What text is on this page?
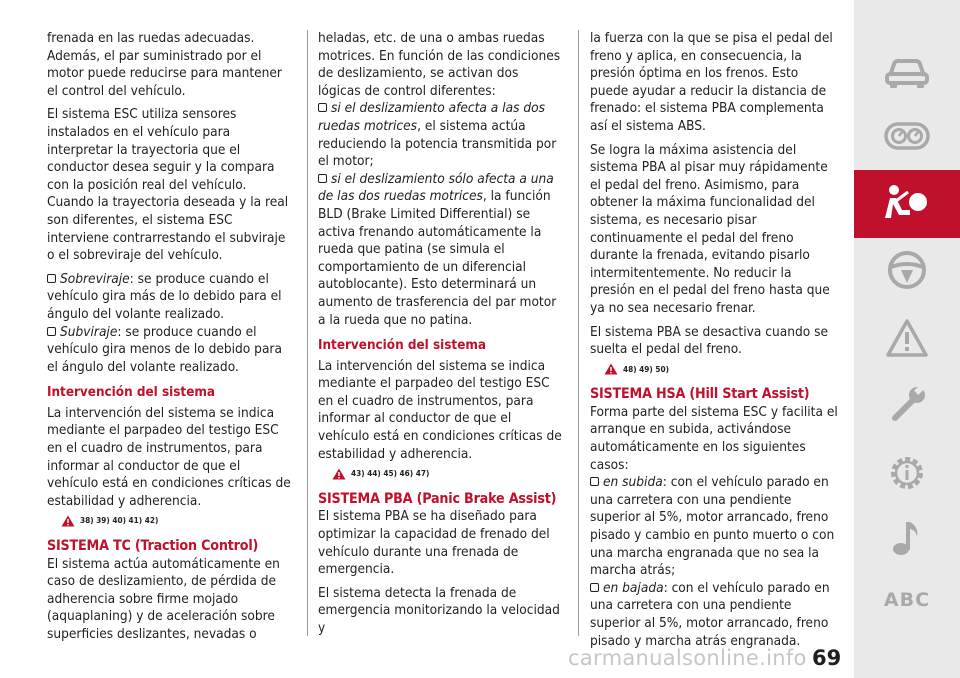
frenada en las ruedas adecuadas. Además, el par suministrado por el motor puede reducirse para mantener el control del vehículo.

El sistema ESC utiliza sensores instalados en el vehículo para interpretar la trayectoria que el conductor desea seguir y la compara con la posición real del vehículo. Cuando la trayectoria deseada y la real son diferentes, el sistema ESC interviene contrarrestando el subviraje o el sobreviraje del vehículo.

Sobreviraje: se produce cuando el vehículo gira más de lo debido para el ángulo del volante realizado.
Subviraje: se produce cuando el vehículo gira menos de lo debido para el ángulo del volante realizado.
Intervención del sistema

La intervención del sistema se indica mediante el parpadeo del testigo ESC en el cuadro de instrumentos, para informar al conductor de que el vehículo está en condiciones críticas de estabilidad y adherencia.

38) 39) 40) 41) 42)
SISTEMA TC (Traction Control)

El sistema actúa automáticamente en caso de deslizamiento, de pérdida de adherencia sobre firme mojado (aquaplaning) y de aceleración sobre superficies deslizantes, nevadas o

heladas, etc. de una o ambas ruedas motrices. En función de las condiciones de deslizamiento, se activan dos lógicas de control diferentes:
si el deslizamiento afecta a las dos ruedas motrices, el sistema actúa reduciendo la potencia transmitida por el motor;
si el deslizamiento sólo afecta a una de las dos ruedas motrices, la función BLD (Brake Limited Differential) se activa frenando automáticamente la rueda que patina (se simula el comportamiento de un diferencial autoblocante). Esto determinará un aumento de trasferencia del par motor a la rueda que no patina.
Intervención del sistema

La intervención del sistema se indica mediante el parpadeo del testigo ESC en el cuadro de instrumentos, para informar al conductor de que el vehículo está en condiciones críticas de estabilidad y adherencia.

43) 44) 45) 46) 47)
SISTEMA PBA (Panic Brake Assist)

El sistema PBA se ha diseñado para optimizar la capacidad de frenado del vehículo durante una frenada de emergencia.

El sistema detecta la frenada de emergencia monitorizando la velocidad y

la fuerza con la que se pisa el pedal del freno y aplica, en consecuencia, la presión óptima en los frenos. Esto puede ayudar a reducir la distancia de frenado: el sistema PBA complementa así el sistema ABS.

Se logra la máxima asistencia del sistema PBA al pisar muy rápidamente el pedal del freno. Asimismo, para obtener la máxima funcionalidad del sistema, es necesario pisar continuamente el pedal del freno durante la frenada, evitando pisarlo intermitentemente. No reducir la presión en el pedal del freno hasta que ya no sea necesario frenar.

El sistema PBA se desactiva cuando se suelta el pedal del freno.

48) 49) 50)
SISTEMA HSA (Hill Start Assist)

Forma parte del sistema ESC y facilita el arranque en subida, activándose automáticamente en los siguientes casos:

en subida: con el vehículo parado en una carretera con una pendiente superior al 5%, motor arrancado, freno pisado y cambio en punto muerto o con una marcha engranada que no sea la marcha atrás;
en bajada: con el vehículo parado en una carretera con una pendiente superior al 5%, motor arrancado, freno pisado y marcha atrás engranada.
ABC
carmanualsonline.info 69
